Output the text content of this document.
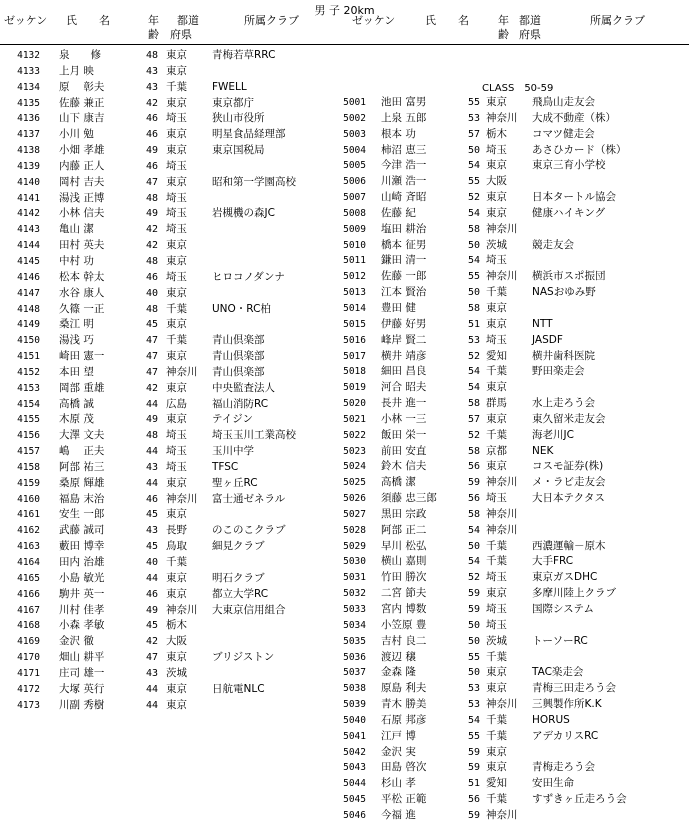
男 子 20km
ゼッケン 氏　　名	年
齢
都道
府県
所属クラブ	ゼッケン	氏　　名	年
齢
都道
府県
所属クラブ
CLASS　50-59
4132 泉　　修	48 東京 青梅若草RRC
4133 上月 映	43 東京
4134 原　 彰夫	43 千葉 FWELL
4135 佐藤 兼正	42 東京 東京都庁
4136 山下 康吉	46 埼玉 狭山市役所
4137 小川 勉	46 東京 明星食品経理部
4138 小畑 孝雄	49 東京 東京国税局
4139 内藤 正人	46 埼玉
4140 岡村 吉夫	47 東京 昭和第一学園高校
4141 湯浅 正博	48 埼玉
4142 小林 信夫	49 埼玉 岩槻機の森JC
4143 亀山 潔	42 埼玉
4144 田村 英夫	42 東京
4145 中村 功	48 東京
4146 松本 幹太	46 埼玉 ヒロコノダンナ
4147 水谷 康人	40 東京
4148 久篠 一正	48 千葉 UNO・RC柏
4149 桑江 明	45 東京
4150 湯浅 巧	47 千葉 青山倶楽部
4151 崎田 憲一	47 東京 青山倶楽部
4152 本田 望	47 神奈川 青山倶楽部
4153 岡部 重雄	42 東京 中央監査法人
4154 高橋 誠	44 広島 福山消防RC
4155 木原 茂	49 東京 テイジン
4156 大澤 文夫	48 埼玉 埼玉玉川工業高校
4157 嶋　 正夫	44 埼玉 玉川中学
4158 阿部 祐三	43 埼玉 TFSC
4159 桑原 輝雄	44 東京 聖ヶ丘RC
4160 福島 末治	46 神奈川 富士通ゼネラル
4161 安生 一郎	45 東京
4162 武藤 誠司	43 長野 のこのこクラブ
4163 藪田 博幸	45 鳥取 細見クラブ
4164 田内 治雄	40 千葉
4165 小島 敏光	44 東京 明石クラブ
4166 駒井 英一	46 東京 都立大学RC
4167 川村 佳孝	49 神奈川 大東京信用組合
4168 小森 孝敏	45 栃木
4169 金沢 徹	42 大阪
4170 畑山 耕平	47 東京 ブリジストン
4171 庄司 雄一	43 茨城
4172 大塚 英行	44 東京 日航電NLC
4173 川副 秀樹	44 東京
5001 池田 富男	55 東京 飛鳥山走友会
5002 上泉 五郎	53 神奈川 大成不動産（株）
5003 根本 功	57 栃木 コマツ健走会
5004 柿沼 恵三	50 埼玉 あさひカード（株）
5005 今津 浩一	54 東京 東京三育小学校
5006 川瀬 浩一	55 大阪
5007 山崎 斉昭	52 東京 日本タートル協会
5008 佐藤 紀	54 東京 健康ハイキング
5009 塩田 耕治	58 神奈川
5010 橋本 征男	50 茨城 競走友会
5011 鎌田 清一	54 埼玉
5012 佐藤 一郎	55 神奈川 横浜市スポ振団
5013 江本 賢治	50 千葉 NASおゆみ野
5014 豊田 健	58 東京
5015 伊藤 好男	51 東京 NTT
5016 峰岸 賢二	53 埼玉 JASDF
5017 横井 靖彦	52 愛知 横井歯科医院
5018 細田 昌良	54 千葉 野田楽走会
5019 河合 昭夫	54 東京
5020 長井 進一	58 群馬 水上走ろう会
5021 小林 一三	57 東京 東久留米走友会
5022 飯田 栄一	52 千葉 海老川JC
5023 前田 安直	58 京都 NEK
5024 鈴木 信夫	56 東京 コスモ証券(株)
5025 高橋 潔	59 神奈川 メ・ラビ走友会
5026 須藤 忠三郎	56 埼玉 大日本テクタス
5027 黒田 宗政	58 神奈川
5028 阿部 正二	54 神奈川
5029 早川 松弘	50 千葉 西濃運輸－原木
5030 横山 嘉則	54 千葉 大手FRC
5031 竹田 勝次	52 埼玉 東京ガスDHC
5032 二宮 節夫	59 東京 多摩川陸上クラブ
5033 宮内 博数	59 埼玉 国際システム
5034 小笠原 豊	50 埼玉
5035 吉村 良二	50 茨城 トーソーRC
5036 渡辺 穣	55 千葉
5037 金森 隆	50 東京 TAC楽走会
5038 原島 利夫	53 東京 青梅三田走ろう会
5039 青木 勝美	53 神奈川 三興製作所K.K
5040 石原 邦彦	54 千葉 HORUS
5041 江戸 博	55 千葉 アデカリスRC
5042 金沢 実	59 東京
5043 田島 啓次	59 東京 青梅走ろう会
5044 杉山 孝	51 愛知 安田生命
5045 平松 正範	56 千葉 すずきヶ丘走ろう会
5046 今福 進	59 神奈川
